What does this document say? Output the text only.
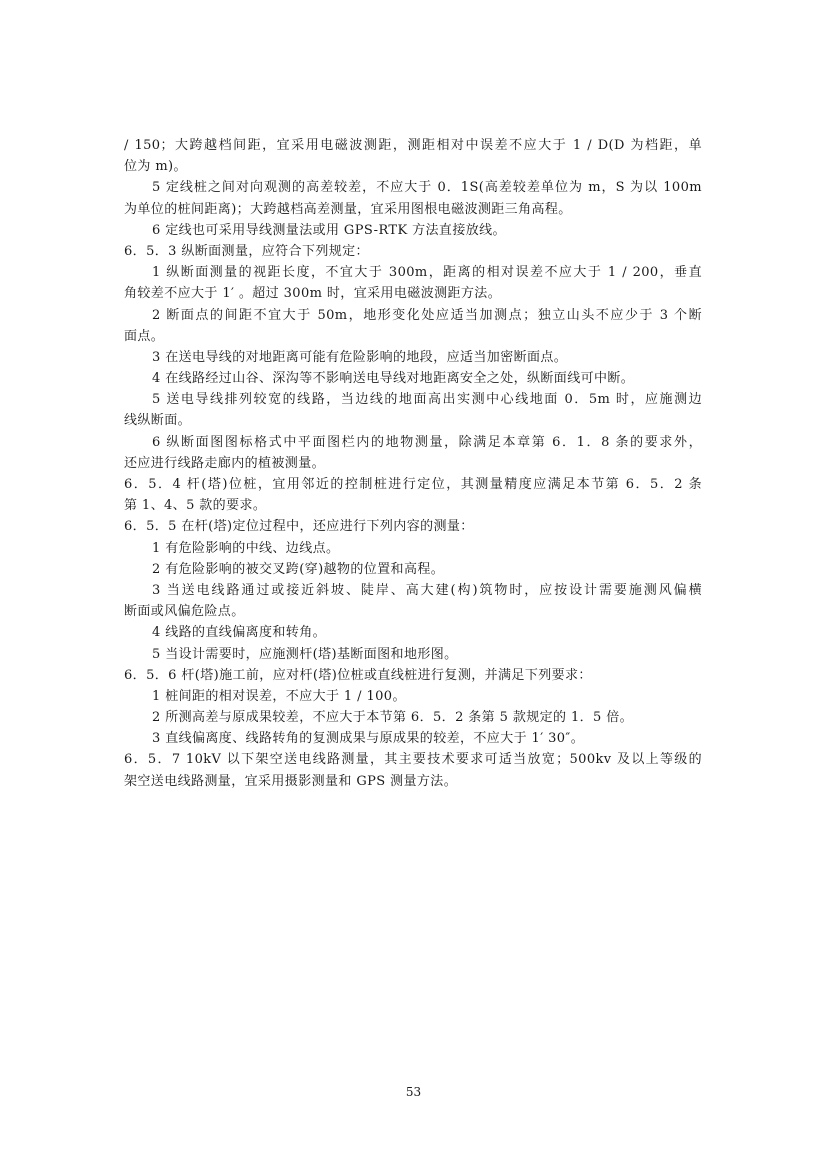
/ 150；大跨越档间距，宜采用电磁波测距，测距相对中误差不应大于 1 / D(D 为档距，单
位为 m)。
5 定线桩之间对向观测的高差较差，不应大于 0．1S(高差较差单位为 m，S 为以 100m
为单位的桩间距离)；大跨越档高差测量，宜采用图根电磁波测距三角高程。
6 定线也可采用导线测量法或用 GPS-RTK 方法直接放线。
6．5．3 纵断面测量，应符合下列规定：
1 纵断面测量的视距长度，不宜大于 300m，距离的相对误差不应大于 1 / 200，垂直
角较差不应大于 1′ 。超过 300m 时，宜采用电磁波测距方法。
2 断面点的间距不宜大于 50m，地形变化处应适当加测点；独立山头不应少于 3 个断
面点。
3 在送电导线的对地距离可能有危险影响的地段，应适当加密断面点。
4 在线路经过山谷、深沟等不影响送电导线对地距离安全之处，纵断面线可中断。
5 送电导线排列较宽的线路，当边线的地面高出实测中心线地面 0．5m 时，应施测边
线纵断面。
6 纵断面图图标格式中平面图栏内的地物测量，除满足本章第 6．1．8 条的要求外，
还应进行线路走廊内的植被测量。
6．5．4 杆(塔)位桩，宜用邻近的控制桩进行定位，其测量精度应满足本节第 6．5．2 条
第 1、4、5 款的要求。
6．5．5 在杆(塔)定位过程中，还应进行下列内容的测量：
1 有危险影响的中线、边线点。
2 有危险影响的被交叉跨(穿)越物的位置和高程。
3 当送电线路通过或接近斜坡、陡岸、高大建(构)筑物时，应按设计需要施测风偏横
断面或风偏危险点。
4 线路的直线偏离度和转角。
5 当设计需要时，应施测杆(塔)基断面图和地形图。
6．5．6 杆(塔)施工前，应对杆(塔)位桩或直线桩进行复测，并满足下列要求：
1 桩间距的相对误差，不应大于 1 / 100。
2 所测高差与原成果较差，不应大于本节第 6．5．2 条第 5 款规定的 1．5 倍。
3 直线偏离度、线路转角的复测成果与原成果的较差，不应大于 1′ 30″。
6．5．7 10kV 以下架空送电线路测量，其主要技术要求可适当放宽；500kv 及以上等级的
架空送电线路测量，宜采用摄影测量和 GPS 测量方法。
53
